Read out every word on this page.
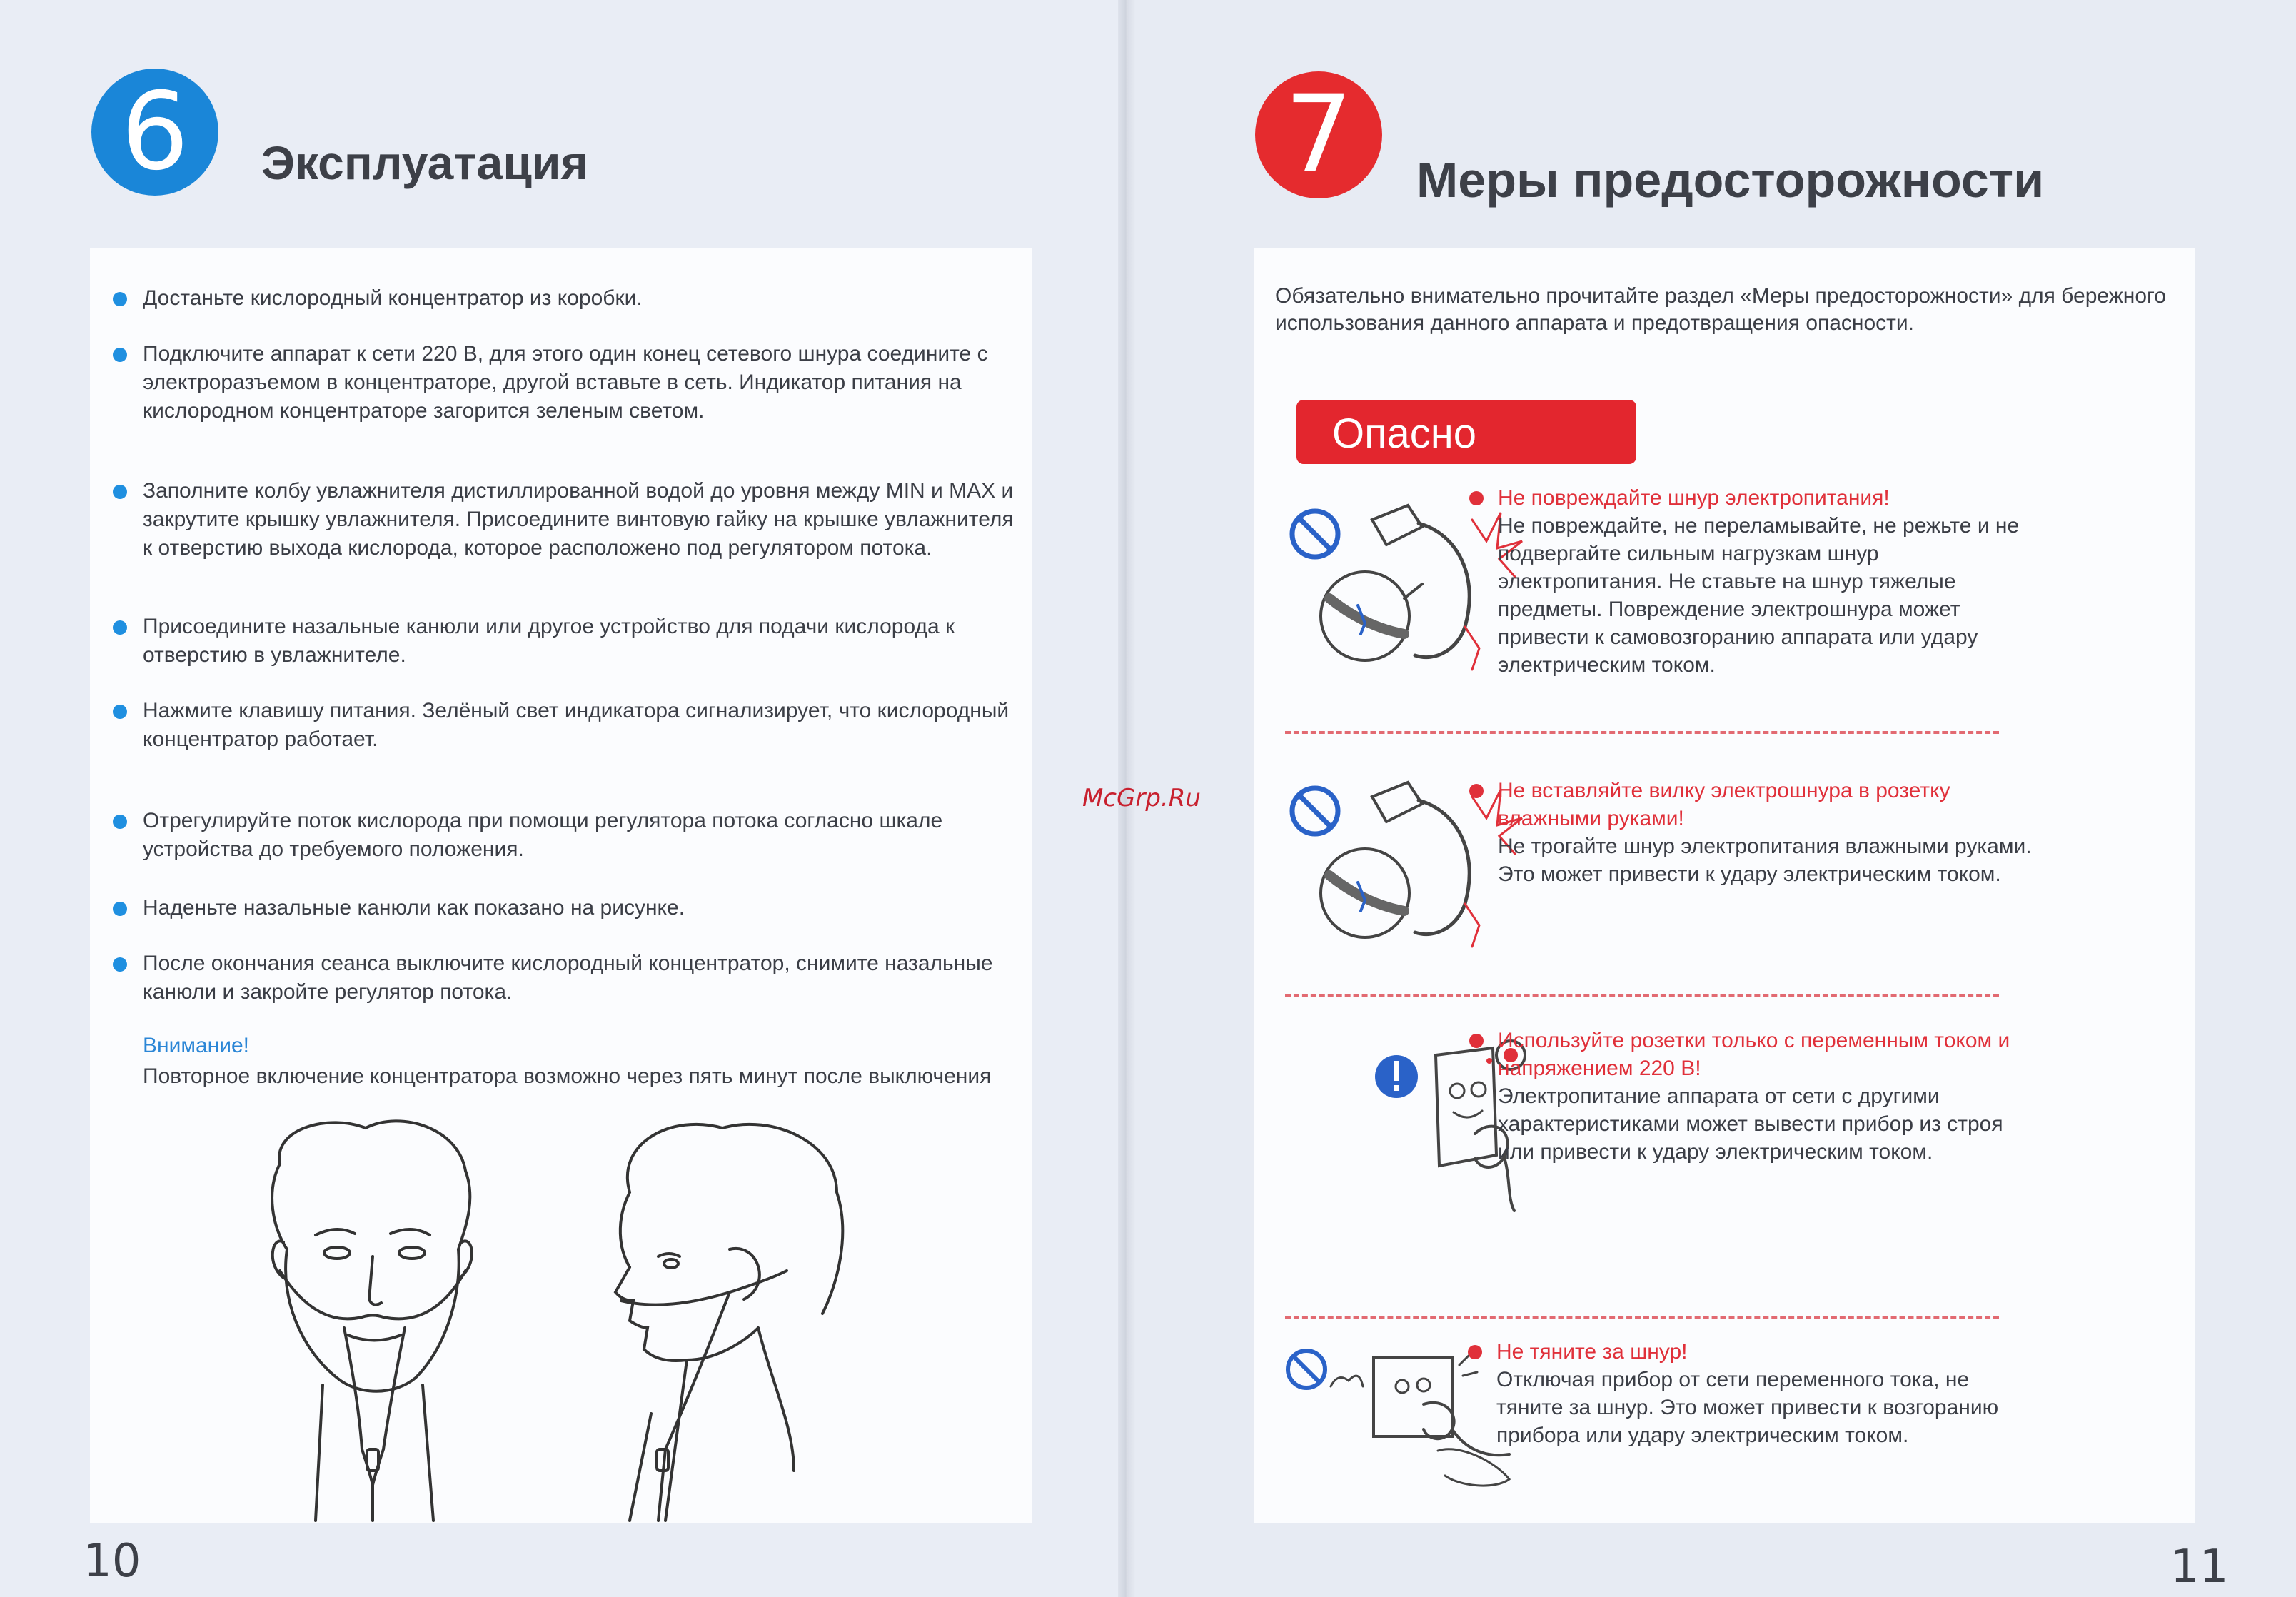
6	Эксплуатация
Достаньте кислородный концентратор из коробки.
Подключите аппарат к сети 220 В, для этого один конец сетевого шнура соедините с электроразъемом в концентраторе, другой вставьте в сеть. Индикатор питания на кислородном концентраторе загорится зеленым светом.
Заполните колбу увлажнителя дистиллированной водой до уровня между MIN и MAX и закрутите крышку увлажнителя. Присоедините винтовую гайку на крышке увлажнителя к отверстию выхода кислорода, которое расположено под регулятором потока.
Присоедините назальные канюли или другое устройство для подачи кислорода к отверстию в увлажнителе.
Нажмите клавишу питания. Зелёный свет индикатора сигнализирует, что кислородный концентратор работает.
Отрегулируйте поток кислорода при помощи регулятора потока согласно шкале устройства до требуемого положения.
Наденьте назальные канюли как показано на рисунке.
После окончания сеанса выключите кислородный концентратор, снимите назальные канюли и закройте регулятор потока.
Внимание!
Повторное включение концентратора возможно через пять минут после выключения
10
McGrp.Ru
7	Меры предосторожности
Обязательно внимательно прочитайте раздел «Меры предосторожности» для бережного использования данного аппарата и предотвращения опасности.
Опасно
Не повреждайте шнур электропитания!
Не повреждайте, не переламывайте, не режьте и не подвергайте сильным нагрузкам шнур электропитания. Не ставьте на шнур тяжелые предметы. Повреждение электрошнура может привести к самовозгоранию аппарата или удару электрическим током.
Не вставляйте вилку электрошнура в розетку влажными руками!
Не трогайте шнур электропитания влажными руками. Это может привести к удару электрическим током.
Используйте розетки только с переменным током и напряжением 220 В!
Электропитание аппарата от сети с другими характеристиками может вывести прибор из строя или привести к удару электрическим током.
Не тяните за шнур!
Отключая прибор от сети переменного тока, не тяните за шнур. Это может привести к возгоранию прибора или удару электрическим током.
11
